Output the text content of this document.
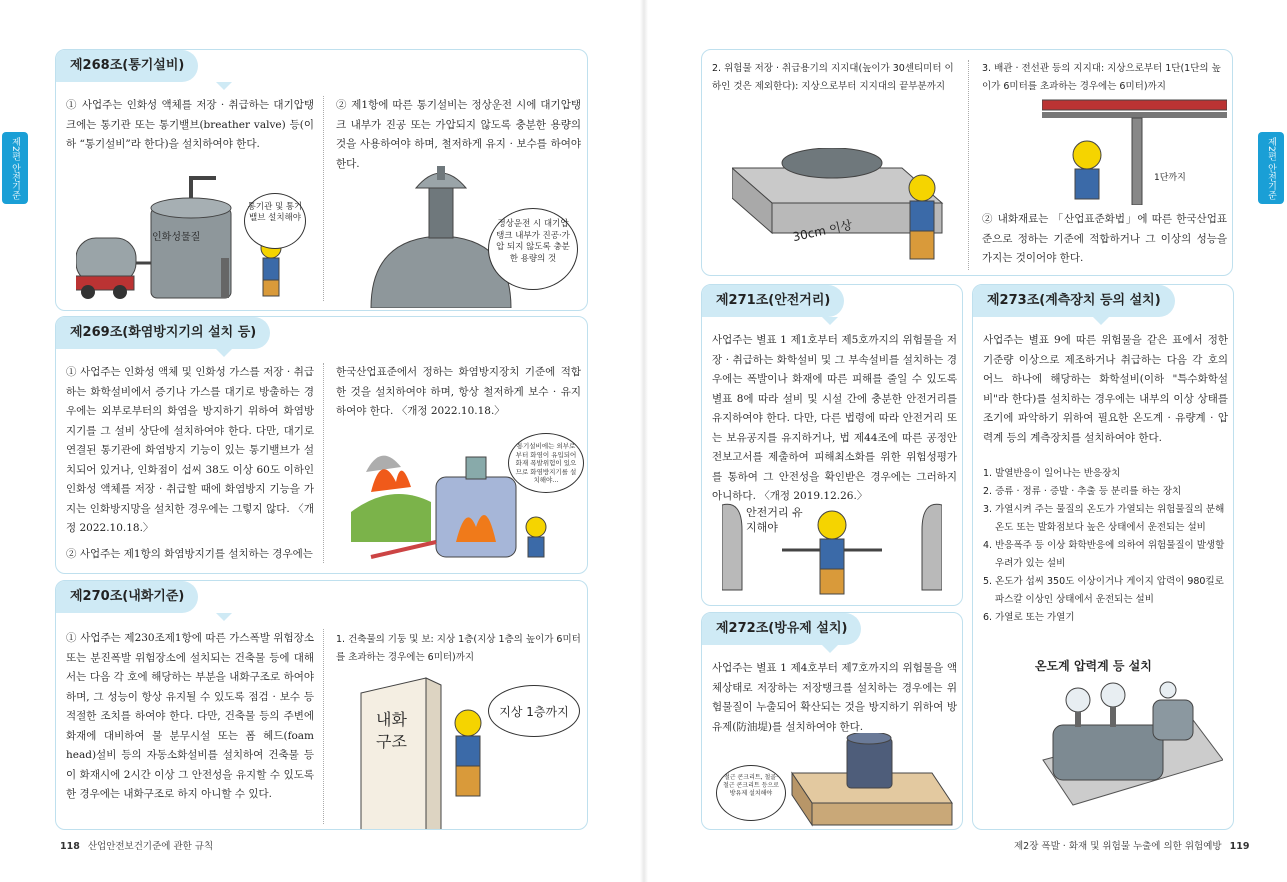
제2편 안전기준
제268조(통기설비)
① 사업주는 인화성 액체를 저장 · 취급하는 대기압탱크에는 통기관 또는 통기밸브(breather valve) 등(이하 “통기설비”라 한다)을 설치하여야 한다.
② 제1항에 따른 통기설비는 정상운전 시에 대기압탱크 내부가 진공 또는 가압되지 않도록 충분한 용량의 것을 사용하여야 하며, 철저하게 유지 · 보수를 하여야 한다.
인화성물질
통기관 및 통기밸브 설치해야
정상운전 시 대기압 탱크 내부가 진공·가압 되지 않도록 충분한 용량의 것
제269조(화염방지기의 설치 등)
① 사업주는 인화성 액체 및 인화성 가스를 저장 · 취급하는 화학설비에서 증기나 가스를 대기로 방출하는 경우에는 외부로부터의 화염을 방지하기 위하여 화염방지기를 그 설비 상단에 설치하여야 한다. 다만, 대기로 연결된 통기관에 화염방지 기능이 있는 통기밸브가 설치되어 있거나, 인화점이 섭씨 38도 이상 60도 이하인 인화성 액체를 저장 · 취급할 때에 화염방지 기능을 가지는 인화방지망을 설치한 경우에는 그렇지 않다. 〈개정 2022.10.18.〉
② 사업주는 제1항의 화염방지기를 설치하는 경우에는
한국산업표준에서 정하는 화염방지장치 기준에 적합한 것을 설치하여야 하며, 항상 철저하게 보수 · 유지하여야 한다. 〈개정 2022.10.18.〉
통기설비에는 외부로부터 화염이 유입되어 화재 폭발위험이 있으므로 화염방지기를 설치해야...
제270조(내화기준)
① 사업주는 제230조제1항에 따른 가스폭발 위험장소 또는 분진폭발 위험장소에 설치되는 건축물 등에 대해서는 다음 각 호에 해당하는 부분을 내화구조로 하여야 하며, 그 성능이 항상 유지될 수 있도록 점검 · 보수 등 적절한 조치를 하여야 한다. 다만, 건축물 등의 주변에 화재에 대비하여 물 분무시설 또는 폼 헤드(foam head)설비 등의 자동소화설비를 설치하여 건축물 등이 화재시에 2시간 이상 그 안전성을 유지할 수 있도록 한 경우에는 내화구조로 하지 아니할 수 있다.
1. 건축물의 기둥 및 보: 지상 1층(지상 1층의 높이가 6미터를 초과하는 경우에는 6미터)까지
내화구조
지상 1층까지
118 산업안전보건기준에 관한 규칙
제2편 안전기준
2. 위험물 저장 · 취급용기의 지지대(높이가 30센티미터 이하인 것은 제외한다): 지상으로부터 지지대의 끝부분까지
3. 배관 · 전선관 등의 지지대: 지상으로부터 1단(1단의 높이가 6미터를 초과하는 경우에는 6미터)까지
30cm 이상
1단까지
② 내화재료는 「산업표준화법」에 따른 한국산업표준으로 정하는 기준에 적합하거나 그 이상의 성능을 가지는 것이어야 한다.
제271조(안전거리)
사업주는 별표 1 제1호부터 제5호까지의 위험물을 저장 · 취급하는 화학설비 및 그 부속설비를 설치하는 경우에는 폭발이나 화재에 따른 피해를 줄일 수 있도록 별표 8에 따라 설비 및 시설 간에 충분한 안전거리를 유지하여야 한다. 다만, 다른 법령에 따라 안전거리 또는 보유공지를 유지하거나, 법 제44조에 따른 공정안전보고서를 제출하여 피해최소화를 위한 위험성평가를 통하여 그 안전성을 확인받은 경우에는 그러하지 아니하다. 〈개정 2019.12.26.〉
안전거리 유지해야
제272조(방유제 설치)
사업주는 별표 1 제4호부터 제7호까지의 위험물을 액체상태로 저장하는 저장탱크를 설치하는 경우에는 위험물질이 누출되어 확산되는 것을 방지하기 위하여 방유제(防油堤)를 설치하여야 한다.
철근 콘크리트, 철골·철근 콘크리트 등으로 방유제 설치해야
제273조(계측장치 등의 설치)
사업주는 별표 9에 따른 위험물을 같은 표에서 정한 기준량 이상으로 제조하거나 취급하는 다음 각 호의 어느 하나에 해당하는 화학설비(이하 "특수화학설비"라 한다)를 설치하는 경우에는 내부의 이상 상태를 조기에 파악하기 위하여 필요한 온도계 · 유량계 · 압력계 등의 계측장치를 설치하여야 한다.
1. 발열반응이 일어나는 반응장치
2. 증류 · 정류 · 증발 · 추출 등 분리를 하는 장치
3. 가열시켜 주는 물질의 온도가 가열되는 위험물질의 분해온도 또는 발화점보다 높은 상태에서 운전되는 설비
4. 반응폭주 등 이상 화학반응에 의하여 위험물질이 발생할 우려가 있는 설비
5. 온도가 섭씨 350도 이상이거나 게이지 압력이 980킬로파스칼 이상인 상태에서 운전되는 설비
6. 가열로 또는 가열기
온도계 압력계 등 설치
제2장 폭발 · 화재 및 위험물 누출에 의한 위험예방 119
